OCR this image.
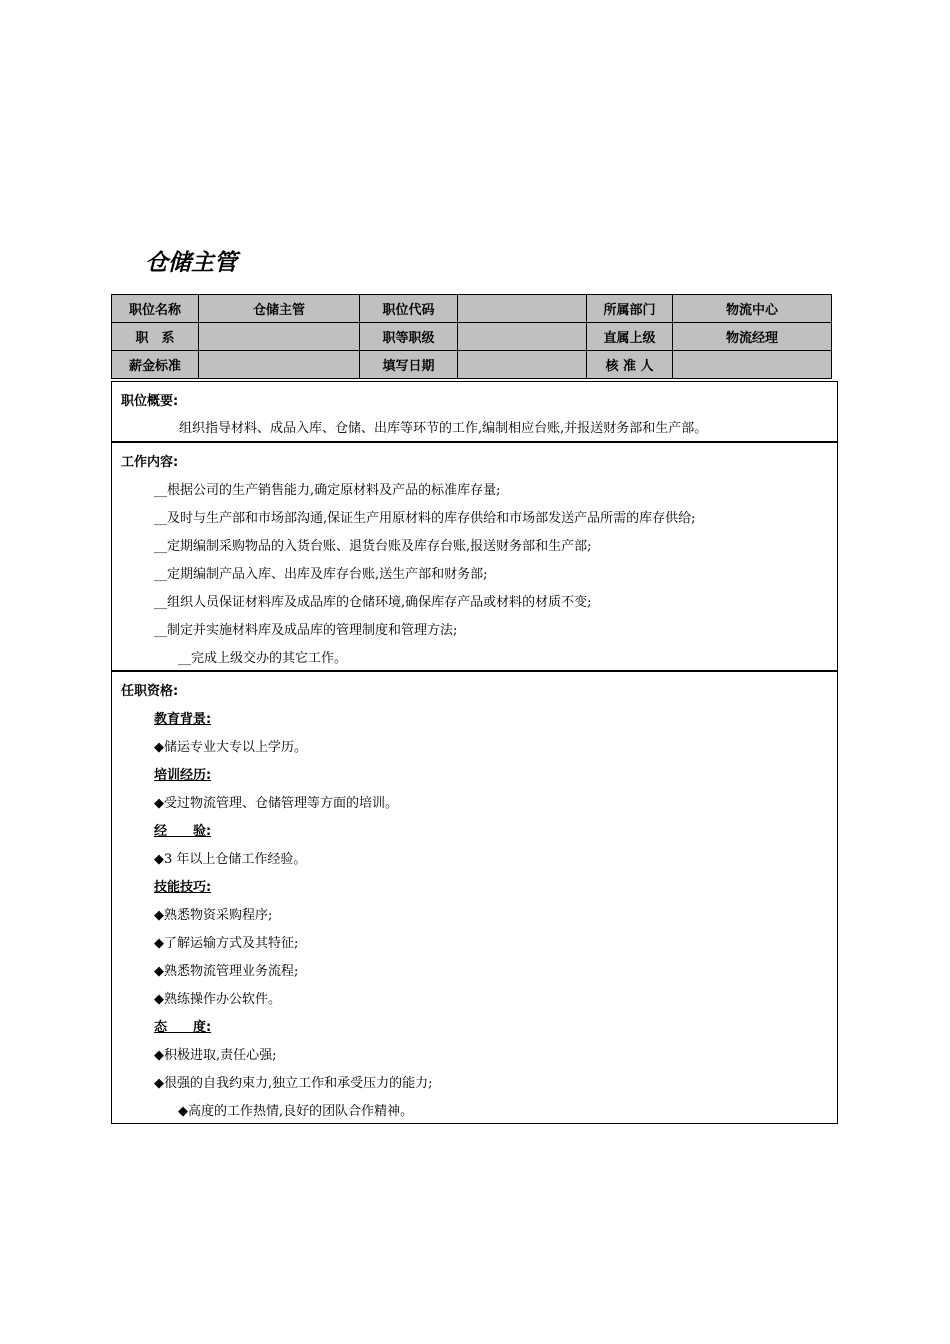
仓储主管
职位名称	仓储主管	职位代码		所属部门	物流中心
职　系		职等职级		直属上级	物流经理
薪金标准		填写日期		核 准 人	
职位概要:
组织指导材料、成品入库、仓储、出库等环节的工作,编制相应台账,并报送财务部和生产部。
工作内容:
__根据公司的生产销售能力,确定原材料及产品的标准库存量;
__及时与生产部和市场部沟通,保证生产用原材料的库存供给和市场部发送产品所需的库存供给;
__定期编制采购物品的入货台账、退货台账及库存台账,报送财务部和生产部;
__定期编制产品入库、出库及库存台账,送生产部和财务部;
__组织人员保证材料库及成品库的仓储环境,确保库存产品或材料的材质不变;
__制定并实施材料库及成品库的管理制度和管理方法;
__完成上级交办的其它工作。
任职资格:
教育背景:
◆储运专业大专以上学历。
培训经历:
◆受过物流管理、仓储管理等方面的培训。
经　　验:
◆3 年以上仓储工作经验。
技能技巧:
◆熟悉物资采购程序;
◆了解运输方式及其特征;
◆熟悉物流管理业务流程;
◆熟练操作办公软件。
态　　度:
◆积极进取,责任心强;
◆很强的自我约束力,独立工作和承受压力的能力;
◆高度的工作热情,良好的团队合作精神。
